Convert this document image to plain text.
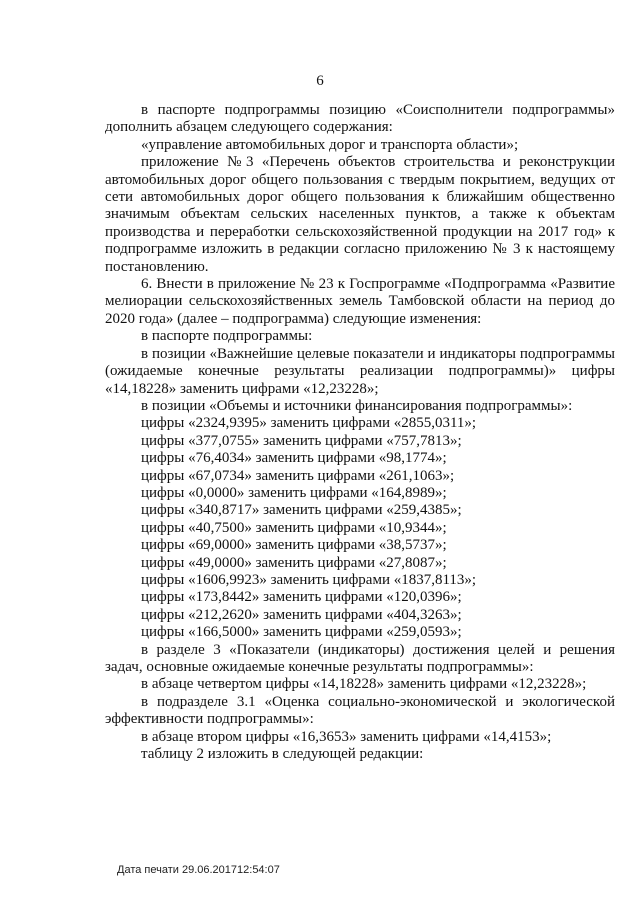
6

в паспорте подпрограммы позицию «Соисполнители подпрограммы» дополнить абзацем следующего содержания:

«управление автомобильных дорог и транспорта области»;

приложение №3 «Перечень объектов строительства и реконструкции автомобильных дорог общего пользования с твердым покрытием, ведущих от сети автомобильных дорог общего пользования к ближайшим общественно значимым объектам сельских населенных пунктов, а также к объектам производства и переработки сельскохозяйственной продукции на 2017 год» к подпрограмме изложить в редакции согласно приложению № 3 к настоящему постановлению.

6. Внести в приложение № 23 к Госпрограмме «Подпрограмма «Развитие мелиорации сельскохозяйственных земель Тамбовской области на период до 2020 года» (далее – подпрограмма) следующие изменения:

в паспорте подпрограммы:

в позиции «Важнейшие целевые показатели и индикаторы подпрограммы (ожидаемые конечные результаты реализации подпрограммы)» цифры «14,18228» заменить цифрами «12,23228»;

в позиции «Объемы и источники финансирования подпрограммы»:

цифры «2324,9395» заменить цифрами «2855,0311»;

цифры «377,0755» заменить цифрами «757,7813»;

цифры «76,4034» заменить цифрами «98,1774»;

цифры «67,0734» заменить цифрами «261,1063»;

цифры «0,0000» заменить цифрами «164,8989»;

цифры «340,8717» заменить цифрами «259,4385»;

цифры «40,7500» заменить цифрами «10,9344»;

цифры «69,0000» заменить цифрами «38,5737»;

цифры «49,0000» заменить цифрами «27,8087»;

цифры «1606,9923» заменить цифрами «1837,8113»;

цифры «173,8442» заменить цифрами «120,0396»;

цифры «212,2620» заменить цифрами «404,3263»;

цифры «166,5000» заменить цифрами «259,0593»;

в разделе 3 «Показатели (индикаторы) достижения целей и решения задач, основные ожидаемые конечные результаты подпрограммы»:

в абзаце четвертом цифры «14,18228» заменить цифрами «12,23228»;

в подразделе 3.1 «Оценка социально-экономической и экологической эффективности подпрограммы»:

в абзаце втором цифры «16,3653» заменить цифрами «14,4153»;

таблицу 2 изложить в следующей редакции:

Дата печати 29.06.201712:54:07
